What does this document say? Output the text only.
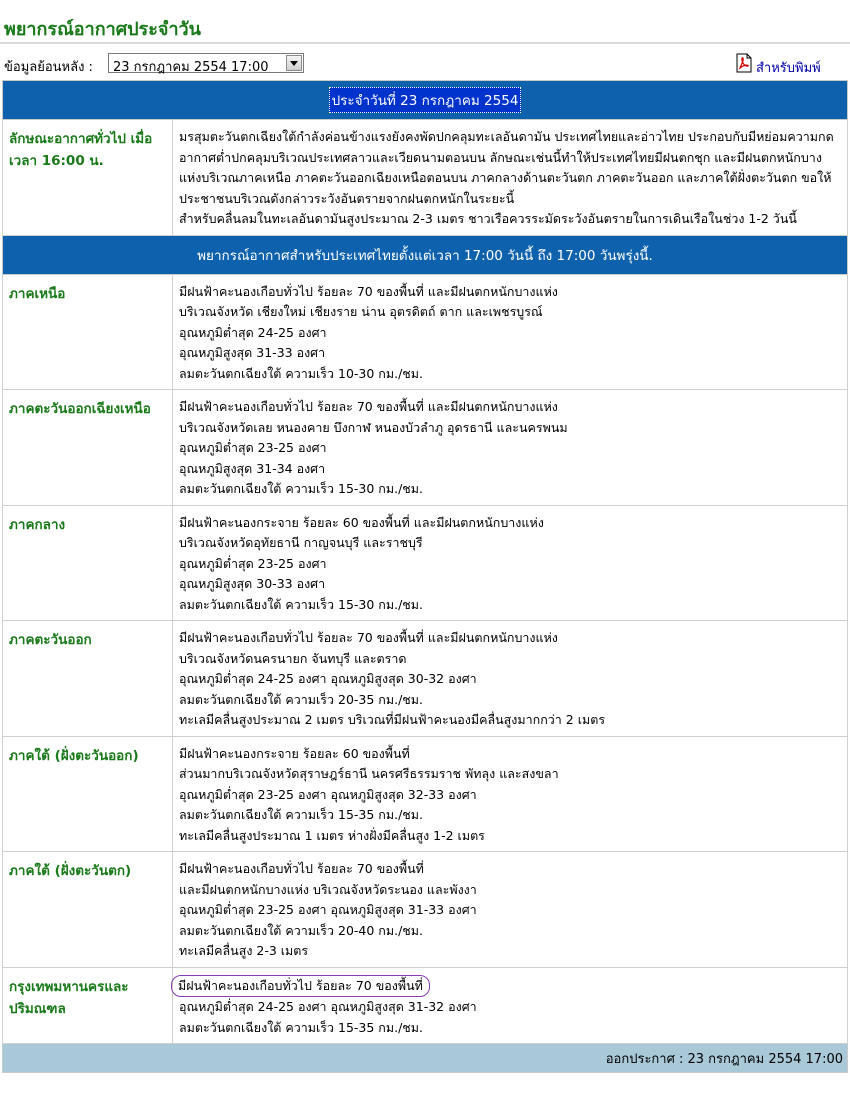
พยากรณ์อากาศประจำวัน
ข้อมูลย้อนหลัง : 23 กรกฎาคม 2554 17:00	สำหรับพิมพ์
ประจำวันที่ 23 กรกฎาคม 2554	
ลักษณะอากาศทั่วไป เมื่อเวลา 16:00 น.	มรสุมตะวันตกเฉียงใต้กำลังค่อนข้างแรงยังคงพัดปกคลุมทะเลอันดามัน ประเทศไทยและอ่าวไทย ประกอบกับมีหย่อมความกดอากาศต่ำปกคลุมบริเวณประเทศลาวและเวียดนามตอนบน ลักษณะเช่นนี้ทำให้ประเทศไทยมีฝนตกชุก และมีฝนตกหนักบางแห่งบริเวณภาคเหนือ ภาคตะวันออกเฉียงเหนือตอนบน ภาคกลางด้านตะวันตก ภาคตะวันออก และภาคใต้ฝั่งตะวันตก ขอให้ประชาชนบริเวณดังกล่าวระวังอันตรายจากฝนตกหนักในระยะนี้
สำหรับคลื่นลมในทะเลอันดามันสูงประมาณ 2-3 เมตร ชาวเรือควรระมัดระวังอันตรายในการเดินเรือในช่วง 1-2 วันนี้

พยากรณ์อากาศสำหรับประเทศไทยตั้งแต่เวลา 17:00 วันนี้ ถึง 17:00 วันพรุ่งนี้.	
ภาคเหนือ	มีฝนฟ้าคะนองเกือบทั่วไป ร้อยละ 70 ของพื้นที่ และมีฝนตกหนักบางแห่ง
บริเวณจังหวัด เชียงใหม่ เชียงราย น่าน อุตรดิตถ์ ตาก และเพชรบูรณ์
อุณหภูมิต่ำสุด 24-25 องศา
อุณหภูมิสูงสุด 31-33 องศา
ลมตะวันตกเฉียงใต้ ความเร็ว 10-30 กม./ชม.

ภาคตะวันออกเฉียงเหนือ	มีฝนฟ้าคะนองเกือบทั่วไป ร้อยละ 70 ของพื้นที่ และมีฝนตกหนักบางแห่ง
บริเวณจังหวัดเลย หนองคาย บึงกาฬ หนองบัวลำภู อุดรธานี และนครพนม
อุณหภูมิต่ำสุด 23-25 องศา
อุณหภูมิสูงสุด 31-34 องศา
ลมตะวันตกเฉียงใต้ ความเร็ว 15-30 กม./ชม.

ภาคกลาง	มีฝนฟ้าคะนองกระจาย ร้อยละ 60 ของพื้นที่ และมีฝนตกหนักบางแห่ง
บริเวณจังหวัดอุทัยธานี กาญจนบุรี และราชบุรี
อุณหภูมิต่ำสุด 23-25 องศา
อุณหภูมิสูงสุด 30-33 องศา
ลมตะวันตกเฉียงใต้ ความเร็ว 15-30 กม./ชม.

ภาคตะวันออก	มีฝนฟ้าคะนองเกือบทั่วไป ร้อยละ 70 ของพื้นที่ และมีฝนตกหนักบางแห่ง
บริเวณจังหวัดนครนายก จันทบุรี และตราด
อุณหภูมิต่ำสุด 24-25 องศา อุณหภูมิสูงสุด 30-32 องศา
ลมตะวันตกเฉียงใต้ ความเร็ว 20-35 กม./ชม.
ทะเลมีคลื่นสูงประมาณ 2 เมตร บริเวณที่มีฝนฟ้าคะนองมีคลื่นสูงมากกว่า 2 เมตร

ภาคใต้ (ฝั่งตะวันออก)	มีฝนฟ้าคะนองกระจาย ร้อยละ 60 ของพื้นที่
ส่วนมากบริเวณจังหวัดสุราษฎร์ธานี นครศรีธรรมราช พัทลุง และสงขลา
อุณหภูมิต่ำสุด 23-25 องศา อุณหภูมิสูงสุด 32-33 องศา
ลมตะวันตกเฉียงใต้ ความเร็ว 15-35 กม./ชม.
ทะเลมีคลื่นสูงประมาณ 1 เมตร ห่างฝั่งมีคลื่นสูง 1-2 เมตร

ภาคใต้ (ฝั่งตะวันตก)	มีฝนฟ้าคะนองเกือบทั่วไป ร้อยละ 70 ของพื้นที่
และมีฝนตกหนักบางแห่ง บริเวณจังหวัดระนอง และพังงา
อุณหภูมิต่ำสุด 23-25 องศา อุณหภูมิสูงสุด 31-33 องศา
ลมตะวันตกเฉียงใต้ ความเร็ว 20-40 กม./ชม.
ทะเลมีคลื่นสูง 2-3 เมตร

กรุงเทพมหานครและปริมณฑล	มีฝนฟ้าคะนองเกือบทั่วไป ร้อยละ 70 ของพื้นที่
อุณหภูมิต่ำสุด 24-25 องศา อุณหภูมิสูงสุด 31-32 องศา
ลมตะวันตกเฉียงใต้ ความเร็ว 15-35 กม./ชม.

ออกประกาศ : 23 กรกฎาคม 2554 17:00	
